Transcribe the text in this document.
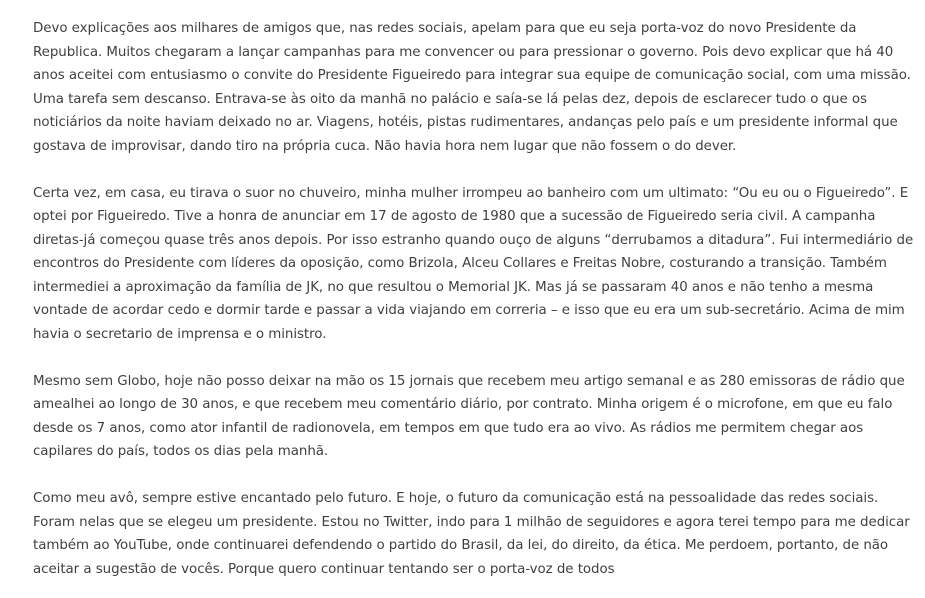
Devo explicações aos milhares de amigos que, nas redes sociais, apelam para que eu seja porta-voz do novo Presidente da Republica. Muitos chegaram a lançar campanhas para me convencer ou para pressionar o governo. Pois devo explicar que há 40 anos aceitei com entusiasmo o convite do Presidente Figueiredo para integrar sua equipe de comunicação social, com uma missão. Uma tarefa sem descanso. Entrava-se às oito da manhã no palácio e saía-se lá pelas dez, depois de esclarecer tudo o que os noticiários da noite haviam deixado no ar. Viagens, hotéis, pistas rudimentares, andanças pelo país e um presidente informal que gostava de improvisar, dando tiro na própria cuca. Não havia hora nem lugar que não fossem o do dever.

Certa vez, em casa, eu tirava o suor no chuveiro, minha mulher irrompeu ao banheiro com um ultimato: “Ou eu ou o Figueiredo”. E optei por Figueiredo. Tive a honra de anunciar em 17 de agosto de 1980 que a sucessão de Figueiredo seria civil. A campanha diretas-já começou quase três anos depois. Por isso estranho quando ouço de alguns “derrubamos a ditadura”. Fui intermediário de encontros do Presidente com líderes da oposição, como Brizola, Alceu Collares e Freitas Nobre, costurando a transição. Também intermediei a aproximação da família de JK, no que resultou o Memorial JK. Mas já se passaram 40 anos e não tenho a mesma vontade de acordar cedo e dormir tarde e passar a vida viajando em correria – e isso que eu era um sub-secretário. Acima de mim havia o secretario de imprensa e o ministro.

Mesmo sem Globo, hoje não posso deixar na mão os 15 jornais que recebem meu artigo semanal e as 280 emissoras de rádio que amealhei ao longo de 30 anos, e que recebem meu comentário diário, por contrato. Minha origem é o microfone, em que eu falo desde os 7 anos, como ator infantil de radionovela, em tempos em que tudo era ao vivo. As rádios me permitem chegar aos capilares do país, todos os dias pela manhã.

Como meu avô, sempre estive encantado pelo futuro. E hoje, o futuro da comunicação está na pessoalidade das redes sociais. Foram nelas que se elegeu um presidente. Estou no Twitter, indo para 1 milhão de seguidores e agora terei tempo para me dedicar também ao YouTube, onde continuarei defendendo o partido do Brasil, da lei, do direito, da ética. Me perdoem, portanto, de não aceitar a sugestão de vocês. Porque quero continuar tentando ser o porta-voz de todos
